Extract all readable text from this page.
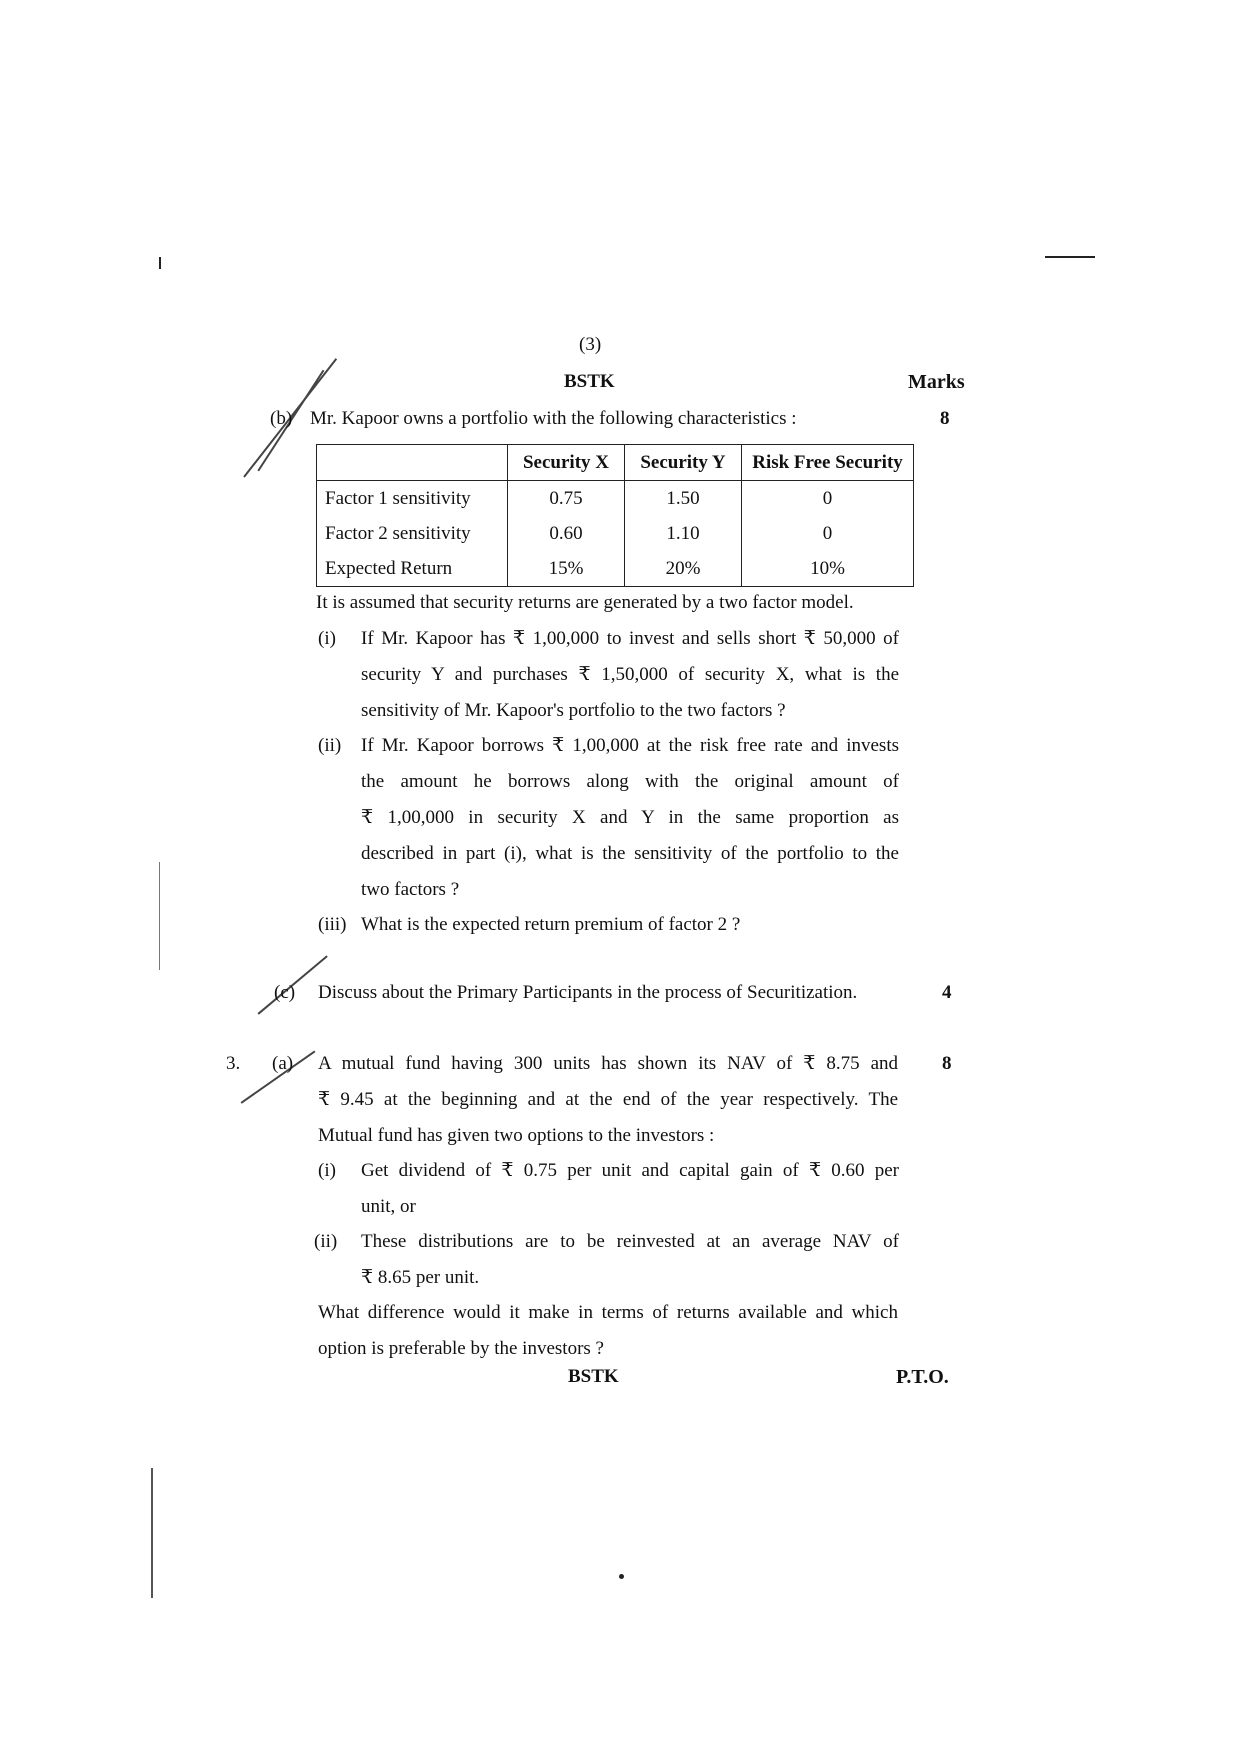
(3)
BSTK	Marks
(b) Mr. Kapoor owns a portfolio with the following characteristics :	8
	Security X	Security Y	Risk Free Security
Factor 1 sensitivity	0.75	1.50	0
Factor 2 sensitivity	0.60	1.10	0
Expected Return	15%	20%	10%
It is assumed that security returns are generated by a two factor model.
(i) If Mr. Kapoor has ₹ 1,00,000 to invest and sells short ₹ 50,000 of
security Y and purchases ₹ 1,50,000 of security X, what is the
sensitivity of Mr. Kapoor's portfolio to the two factors ?
(ii) If Mr. Kapoor borrows ₹ 1,00,000 at the risk free rate and invests
the amount he borrows along with the original amount of
₹ 1,00,000 in security X and Y in the same proportion as
described in part (i), what is the sensitivity of the portfolio to the
two factors ?
(iii) What is the expected return premium of factor 2 ?
(c) Discuss about the Primary Participants in the process of Securitization.	4
3. (a)	8
A mutual fund having 300 units has shown its NAV of ₹ 8.75 and
₹ 9.45 at the beginning and at the end of the year respectively. The
Mutual fund has given two options to the investors :
(i) Get dividend of ₹ 0.75 per unit and capital gain of ₹ 0.60 per
unit, or
(ii) These distributions are to be reinvested at an average NAV of
₹ 8.65 per unit.
What difference would it make in terms of returns available and which
option is preferable by the investors ?
BSTK	P.T.O.
